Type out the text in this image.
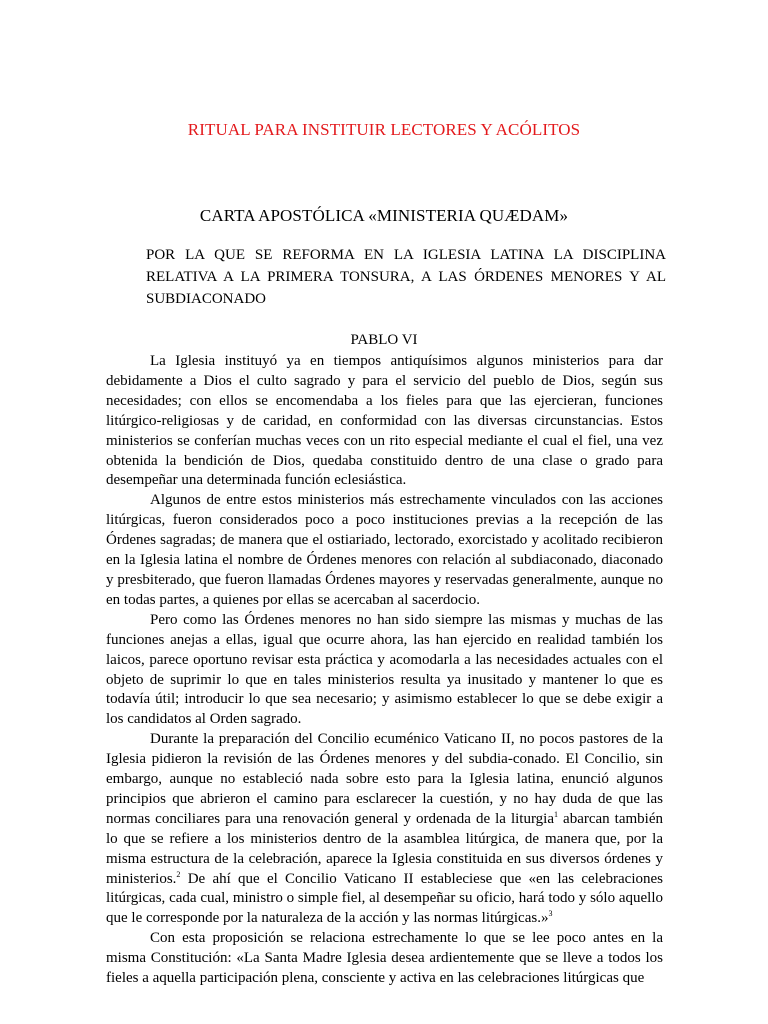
RITUAL PARA INSTITUIR LECTORES Y ACÓLITOS
CARTA APOSTÓLICA «MINISTERIA QUÆDAM»
POR LA QUE SE REFORMA EN LA IGLESIA LATINA LA DISCIPLINA RELATIVA A LA PRIMERA TONSURA, A LAS ÓRDENES MENORES Y AL SUBDIACONADO
PABLO VI

La Iglesia instituyó ya en tiempos antiquísimos algunos ministerios para dar debidamente a Dios el culto sagrado y para el servicio del pueblo de Dios, según sus necesidades; con ellos se encomendaba a los fieles para que las ejercieran, funciones litúrgico-religiosas y de caridad, en conformidad con las diversas circunstancias. Estos ministerios se conferían muchas veces con un rito especial mediante el cual el fiel, una vez obtenida la bendición de Dios, quedaba constituido dentro de una clase o grado para desempeñar una determinada función eclesiástica.

Algunos de entre estos ministerios más estrechamente vinculados con las acciones litúrgicas, fueron considerados poco a poco instituciones previas a la recepción de las Órdenes sagradas; de manera que el ostiariado, lectorado, exorcistado y acolitado recibieron en la Iglesia latina el nombre de Órdenes menores con relación al subdiaconado, diaconado y presbiterado, que fueron llamadas Órdenes mayores y reservadas generalmente, aunque no en todas partes, a quienes por ellas se acercaban al sacerdocio.

Pero como las Órdenes menores no han sido siempre las mismas y muchas de las funciones anejas a ellas, igual que ocurre ahora, las han ejercido en realidad también los laicos, parece oportuno revisar esta práctica y acomodarla a las necesidades actuales con el objeto de suprimir lo que en tales ministerios resulta ya inusitado y mantener lo que es todavía útil; introducir lo que sea necesario; y asimismo establecer lo que se debe exigir a los candidatos al Orden sagrado.

Durante la preparación del Concilio ecuménico Vaticano II, no pocos pastores de la Iglesia pidieron la revisión de las Órdenes menores y del subdia-conado. El Concilio, sin embargo, aunque no estableció nada sobre esto para la Iglesia latina, enunció algunos principios que abrieron el camino para esclarecer la cuestión, y no hay duda de que las normas conciliares para una renovación general y ordenada de la liturgia$^1$ abarcan también lo que se refiere a los ministerios dentro de la asamblea litúrgica, de manera que, por la misma estructura de la celebración, aparece la Iglesia constituida en sus diversos órdenes y ministerios.$^2$ De ahí que el Concilio Vaticano II estableciese que «en las celebraciones litúrgicas, cada cual, ministro o simple fiel, al desempeñar su oficio, hará todo y sólo aquello que le corresponde por la naturaleza de la acción y las normas litúrgicas.»$^3$

Con esta proposición se relaciona estrechamente lo que se lee poco antes en la misma Constitución: «La Santa Madre Iglesia desea ardientemente que se lleve a todos los fieles a aquella participación plena, consciente y activa en las celebraciones litúrgicas que
